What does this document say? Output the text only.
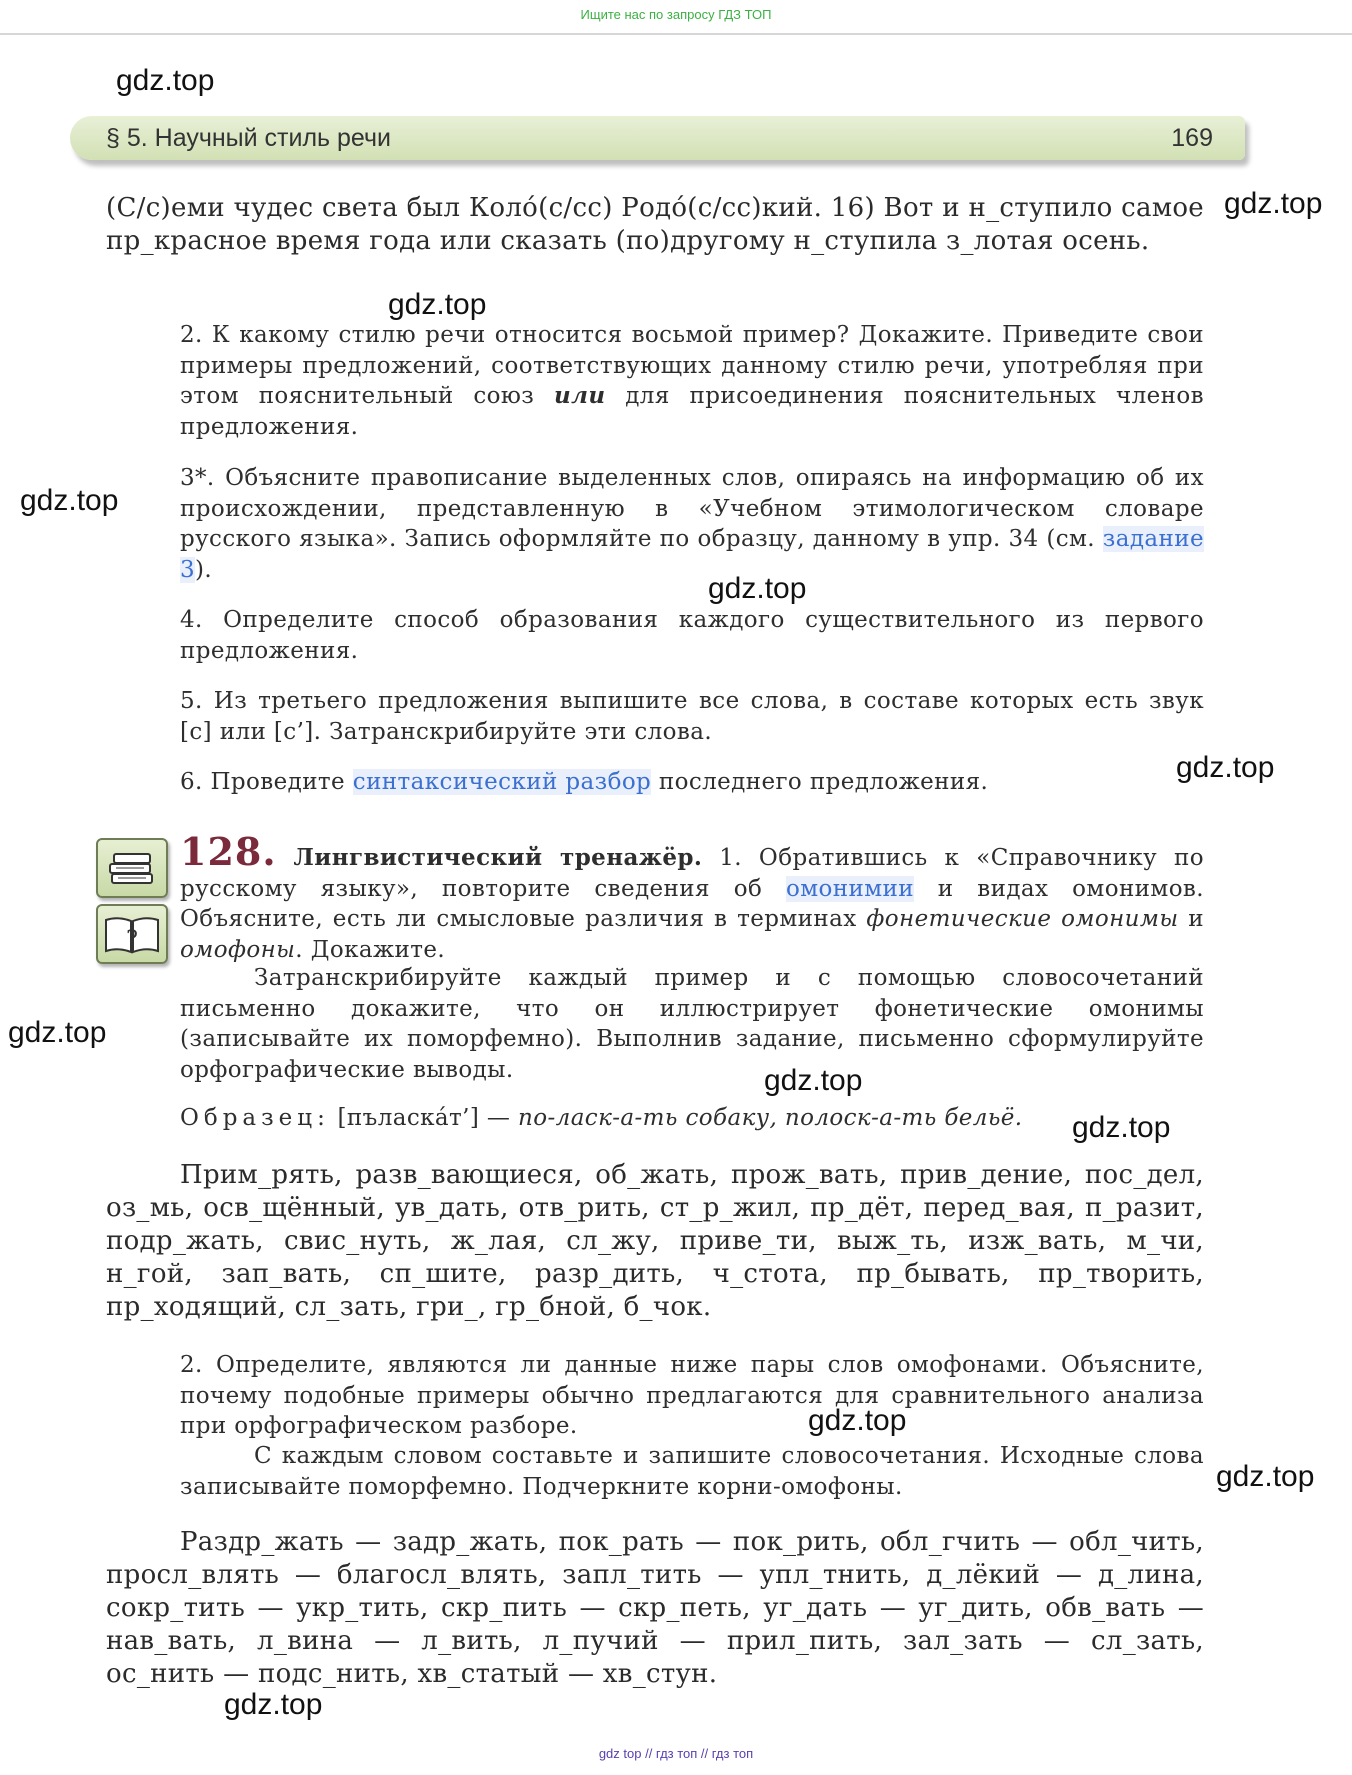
Ищите нас по запросу ГДЗ ТОП
§ 5. Научный стиль речи	169

(С/с)еми чудес света был Коло́(с/сс) Родо́(с/сс)кий. 16) Вот и н_ступило самое пр_красное время года или сказать (по)другому н_ступила з_лотая осень.

2. К какому стилю речи относится восьмой пример? Докажите. Приведите свои примеры предложений, соответствующих данному стилю речи, употребляя при этом пояснительный союз или для присоединения пояснительных членов предложения.

3*. Объясните правописание выделенных слов, опираясь на информацию об их происхождении, представленную в «Учебном этимологическом словаре русского языка». Запись оформляйте по образцу, данному в упр. 34 (см. задание 3).

4. Определите способ образования каждого существительного из первого предложения.

5. Из третьего предложения выпишите все слова, в составе которых есть звук [с] или [с’]. Затранскрибируйте эти слова.

6. Проведите синтаксический разбор последнего предложения.

?

128. Лингвистический тренажёр. 1. Обратившись к «Справочнику по русскому языку», повторите сведения об омонимии и видах омонимов. Объясните, есть ли смысловые различия в терминах фонетические омонимы и омофоны. Докажите.

Затранскрибируйте каждый пример и с помощью словосочетаний письменно докажите, что он иллюстрирует фонетические омонимы (записывайте их поморфемно). Выполнив задание, письменно сформулируйте орфографические выводы.

Образец: [пъласка́т’] — по-ласк-а-ть собаку, полоск-а-ть бельё.

Прим_рять, разв_вающиеся, об_жать, прож_вать, прив_дение, пос_дел, оз_мь, осв_щённый, ув_дать, отв_рить, ст_р_жил, пр_дёт, перед_вая, п_разит, подр_жать, свис_нуть, ж_лая, сл_жу, приве_ти, выж_ть, изж_вать, м_чи, н_гой, зап_вать, сп_шите, разр_дить, ч_стота, пр_бывать, пр_творить, пр_ходящий, сл_зать, гри_, гр_бной, б_чок.

2. Определите, являются ли данные ниже пары слов омофонами. Объясните, почему подобные примеры обычно предлагаются для сравнительного анализа при орфографическом разборе.

С каждым словом составьте и запишите словосочетания. Исходные слова записывайте поморфемно. Подчеркните корни-омофоны.

Раздр_жать — задр_жать, пок_рать — пок_рить, обл_гчить — обл_чить, просл_влять — благосл_влять, запл_тить — упл_тнить, д_лёкий — д_лина, сокр_тить — укр_тить, скр_пить — скр_петь, уг_дать — уг_дить, обв_вать — нав_вать, л_вина — л_вить, л_пучий — прил_пить, зал_зать — сл_зать, ос_нить — подс_нить, хв_статый — хв_стун.

gdz.top
gdz.top
gdz.top
gdz.top
gdz.top
gdz.top
gdz.top
gdz.top
gdz.top
gdz.top
gdz.top
gdz.top
gdz top // гдз топ // гдз топ
